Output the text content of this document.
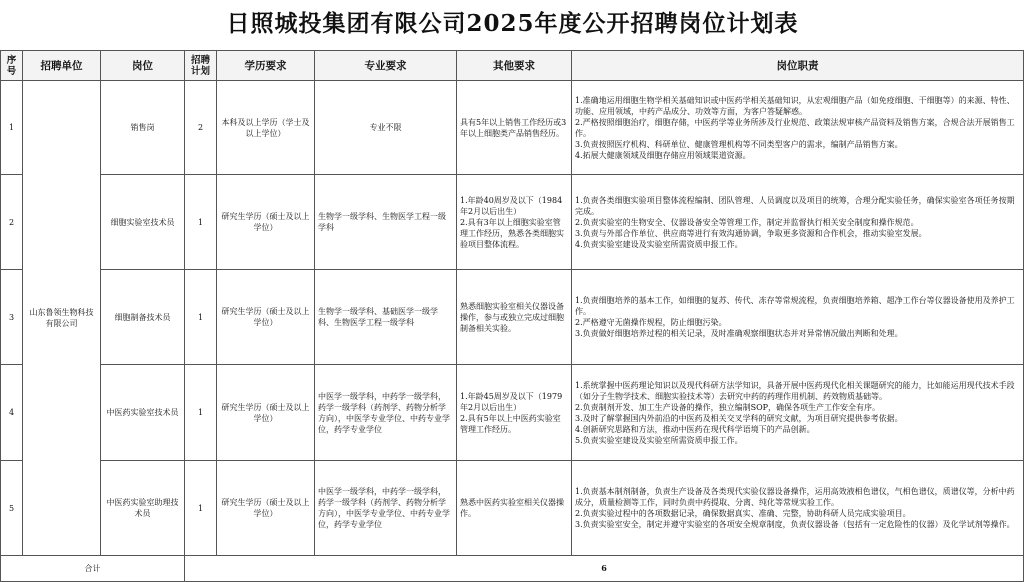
日照城投集团有限公司2025年度公开招聘岗位计划表
序号	招聘单位	岗位	招聘计划	学历要求	专业要求	其他要求	岗位职责
1	山东鲁领生物科技有限公司	销售岗	2	本科及以上学历（学士及以上学位）	专业不限	具有5年以上销售工作经历或3年以上细胞类产品销售经历。	1.准确地运用细胞生物学相关基础知识或中医药学相关基础知识，从宏观细胞产品（如免疫细胞、干细胞等）的来源、特性、功能、应用领域，中药产品成分、功效等方面，为客户答疑解惑。
2.严格按照细胞治疗，细胞存储，中医药学等业务所涉及行业规范、政策法规审核产品资料及销售方案，合规合法开展销售工作。
3.负责按照医疗机构、科研单位、健康管理机构等不同类型客户的需求，编制产品销售方案。
4.拓展大健康领域及细胞存储应用领域渠道资源。

2		细胞实验室技术员	1	研究生学历（硕士及以上学位）	生物学一级学科、生物医学工程一级学科	1.年龄40周岁及以下（1984年2月以后出生）
2.具有3年以上细胞实验室管理工作经历，熟悉各类细胞实验项目整体流程。	1.负责各类细胞实验项目整体流程编制、团队管理、人员调度以及项目的统筹，合理分配实验任务，确保实验室各项任务按期完成。
2.负责实验室的生物安全、仪器设备安全等管理工作，制定并监督执行相关安全制度和操作规范。
3.负责与外部合作单位、供应商等进行有效沟通协调，争取更多资源和合作机会，推动实验室发展。
4.负责实验室建设及实验室所需资质申报工作。

3		细胞制备技术员	1	研究生学历（硕士及以上学位）	生物学一级学科、基础医学一级学科、生物医学工程一级学科	熟悉细胞实验室相关仪器设备操作，参与或独立完成过细胞制备相关实验。	1.负责细胞培养的基本工作，如细胞的复苏、传代、冻存等常规流程，负责细胞培养箱、超净工作台等仪器设备使用及养护工作。
2.严格遵守无菌操作规程，防止细胞污染。
3.负责做好细胞培养过程的相关记录，及时准确观察细胞状态并对异常情况做出判断和处理。

4		中医药实验室技术员	1	研究生学历（硕士及以上学位）	中医学一级学科，中药学一级学科，药学一级学科（药剂学、药物分析学方向），中医学专业学位、中药专业学位，药学专业学位	1.年龄45周岁及以下（1979年2月以后出生）
2.具有5年以上中医药实验室管理工作经历。	1.系统掌握中医药理论知识以及现代科研方法学知识，具备开展中医药现代化相关课题研究的能力，比如能运用现代技术手段（如分子生物学技术、细胞实验技术等）去研究中药的药理作用机制、药效物质基础等。
2.负责制剂开发、加工生产设备的操作，独立编制SOP，确保各项生产工作安全有序。
3.及时了解掌握国内外前沿的中医药及相关交叉学科的研究文献，为项目研究提供参考依据。
4.创新研究思路和方法，推动中医药在现代科学语境下的产品创新。
5.负责实验室建设及实验室所需资质申报工作。

5		中医药实验室助理技术员	1	研究生学历（硕士及以上学位）	中医学一级学科，中药学一级学科，药学一级学科（药剂学、药物分析学方向），中医学专业学位、中药专业学位，药学专业学位	熟悉中医药实验室相关仪器操作。	1.负责基本制剂制备，负责生产设备及各类现代实验仪器设备操作，运用高效液相色谱仪，气相色谱仪，质谱仪等，分析中药成分，质量检测等工作，同时负责中药提取、分离、纯化等常规实验工作。
2.负责实验过程中的各项数据记录，确保数据真实、准确、完整，协助科研人员完成实验项目。
3.负责实验室安全，制定并遵守实验室的各项安全规章制度，负责仪器设备（包括有一定危险性的仪器）及化学试剂等操作。

合计			6				
